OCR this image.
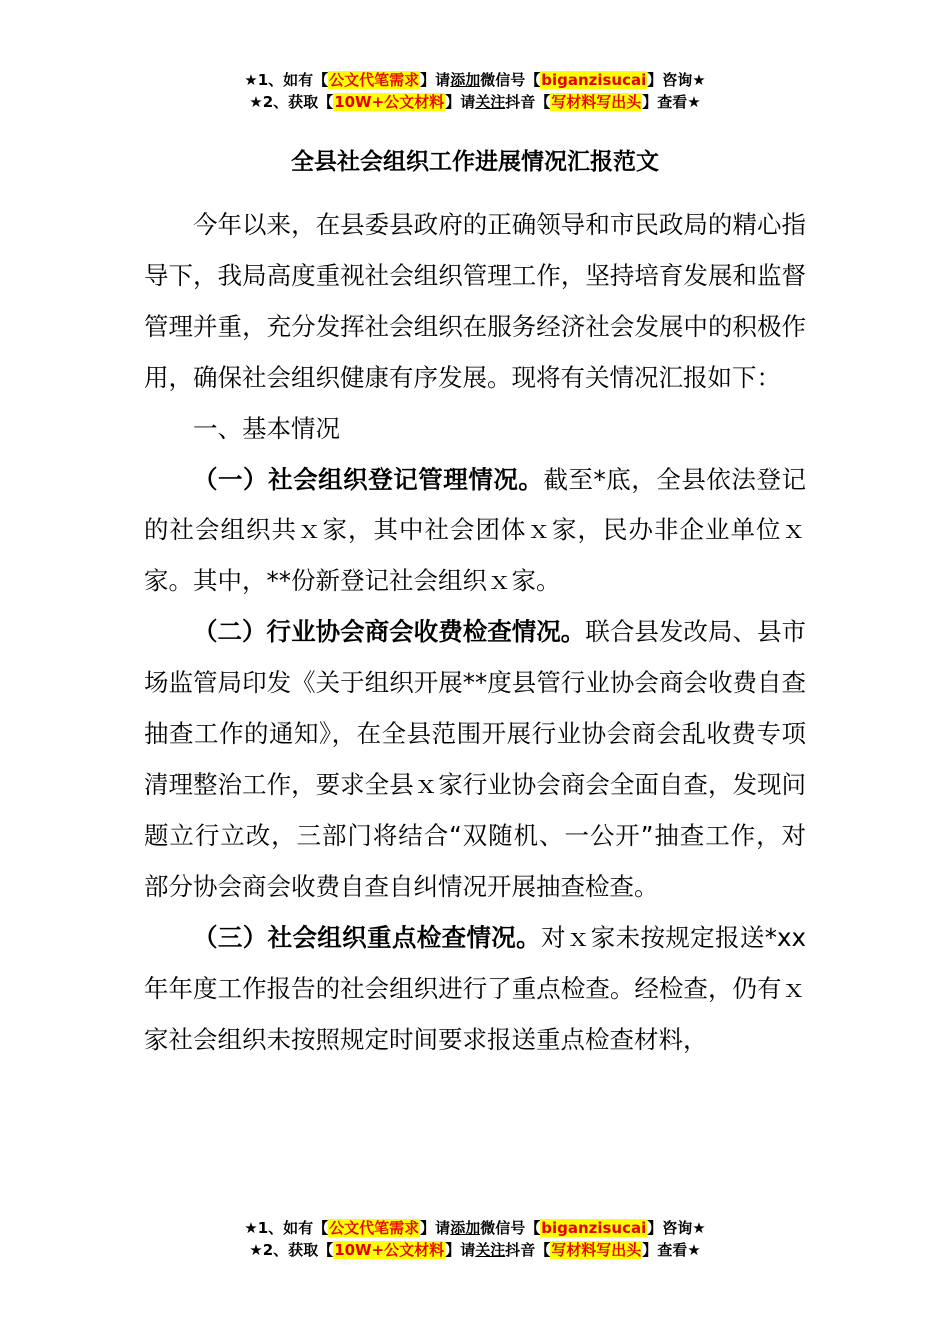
★1、如有【公文代笔需求】请添加微信号【biganzisucai】咨询★
★2、获取【10W+公文材料】请关注抖音【写材料写出头】查看★
全县社会组织工作进展情况汇报范文

今年以来，在县委县政府的正确领导和市民政局的精心指导下，我局高度重视社会组织管理工作，坚持培育发展和监督管理并重，充分发挥社会组织在服务经济社会发展中的积极作用，确保社会组织健康有序发展。现将有关情况汇报如下：

一、基本情况

（一）社会组织登记管理情况。截至*底，全县依法登记的社会组织共ｘ家，其中社会团体ｘ家，民办非企业单位ｘ家。其中，**份新登记社会组织ｘ家。

（二）行业协会商会收费检查情况。联合县发改局、县市场监管局印发《关于组织开展**度县管行业协会商会收费自查抽查工作的通知》，在全县范围开展行业协会商会乱收费专项清理整治工作，要求全县ｘ家行业协会商会全面自查，发现问题立行立改，三部门将结合“双随机、一公开”抽查工作，对部分协会商会收费自查自纠情况开展抽查检查。

（三）社会组织重点检查情况。对ｘ家未按规定报送*xx年年度工作报告的社会组织进行了重点检查。经检查，仍有ｘ家社会组织未按照规定时间要求报送重点检查材料，

★1、如有【公文代笔需求】请添加微信号【biganzisucai】咨询★
★2、获取【10W+公文材料】请关注抖音【写材料写出头】查看★
